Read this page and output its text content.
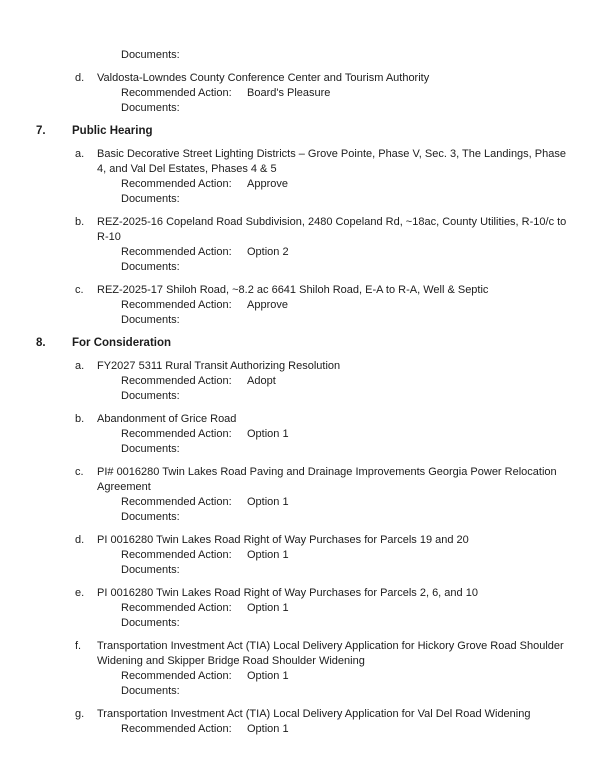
Documents:
d.	Valdosta-Lowndes County Conference Center and Tourism Authority
Recommended Action: Board's Pleasure
Documents:
7.	Public Hearing
a.	Basic Decorative Street Lighting Districts – Grove Pointe, Phase V, Sec. 3, The Landings, Phase 4, and Val Del Estates, Phases 4 & 5
Recommended Action: Approve
Documents:
b.	REZ-2025-16 Copeland Road Subdivision, 2480 Copeland Rd, ~18ac, County Utilities, R-10/c to R-10
Recommended Action: Option 2
Documents:
c.	REZ-2025-17 Shiloh Road, ~8.2 ac 6641 Shiloh Road, E-A to R-A, Well & Septic
Recommended Action: Approve
Documents:
8.	For Consideration
a.	FY2027 5311 Rural Transit Authorizing Resolution
Recommended Action: Adopt
Documents:
b.	Abandonment of Grice Road
Recommended Action: Option 1
Documents:
c.	PI# 0016280 Twin Lakes Road Paving and Drainage Improvements Georgia Power Relocation Agreement
Recommended Action: Option 1
Documents:
d.	PI 0016280 Twin Lakes Road Right of Way Purchases for Parcels 19 and 20
Recommended Action: Option 1
Documents:
e.	PI 0016280 Twin Lakes Road Right of Way Purchases for Parcels 2, 6, and 10
Recommended Action: Option 1
Documents:
f.	Transportation Investment Act (TIA) Local Delivery Application for Hickory Grove Road Shoulder Widening and Skipper Bridge Road Shoulder Widening
Recommended Action: Option 1
Documents:
g.	Transportation Investment Act (TIA) Local Delivery Application for Val Del Road Widening
Recommended Action: Option 1
